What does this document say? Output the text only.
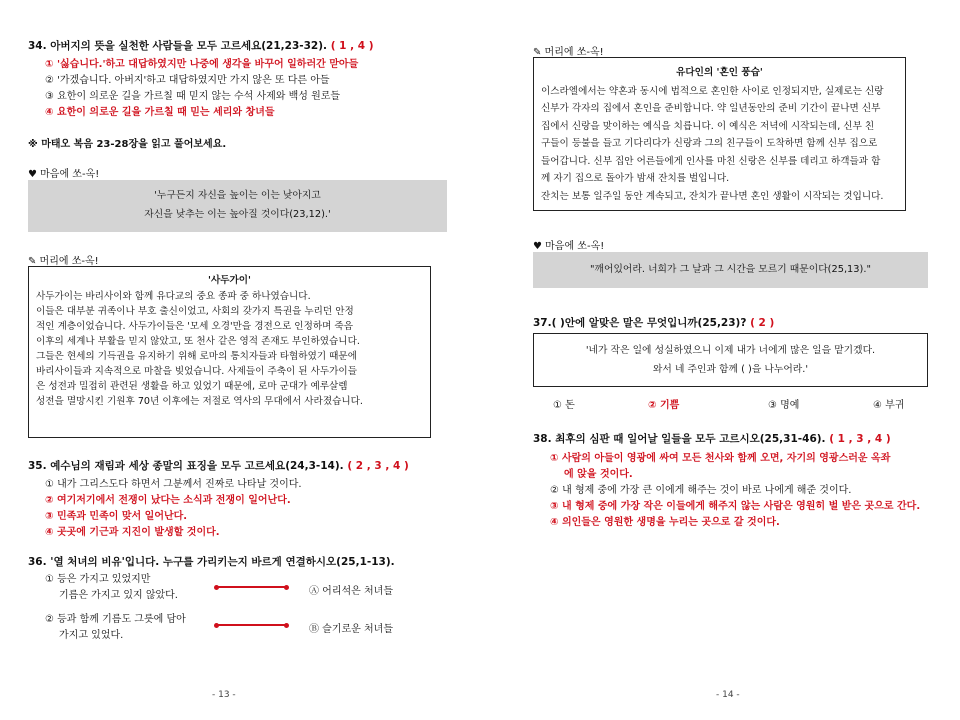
34. 아버지의 뜻을 실천한 사람들을 모두 고르세요(21,23-32). ( 1 , 4 )
① '싫습니다.'하고 대답하였지만 나중에 생각을 바꾸어 일하러간 맏아들
② '가겠습니다. 아버지'하고 대답하였지만 가지 않은 또 다른 아들
③ 요한이 의로운 길을 가르칠 때 믿지 않는 수석 사제와 백성 원로들
④ 요한이 의로운 길을 가르칠 때 믿는 세리와 창녀들
※ 마태오 복음 23-28장을 읽고 풀어보세요.
♥ 마음에 쏘-옥!
'누구든지 자신을 높이는 이는 낮아지고
자신을 낮추는 이는 높아질 것이다(23,12).'
✎ 머리에 쏘-옥!
'사두가이'

사두가이는 바리사이와 함께 유다교의 중요 종파 중 하나였습니다.

이들은 대부분 귀족이나 부호 출신이었고, 사회의 갖가지 특권을 누리던 안정

적인 계층이었습니다. 사두가이들은 '모세 오경'만을 경전으로 인정하며 죽음

이후의 세계나 부활을 믿지 않았고, 또 천사 같은 영적 존재도 부인하였습니다.

그들은 현세의 기득권을 유지하기 위해 로마의 통치자들과 타협하였기 때문에

바리사이들과 지속적으로 마찰을 빚었습니다. 사제들이 주축이 된 사두가이들

은 성전과 밀접히 관련된 생활을 하고 있었기 때문에, 로마 군대가 예루살렘

성전을 멸망시킨 기원후 70년 이후에는 저절로 역사의 무대에서 사라졌습니다.

35. 예수님의 재림과 세상 종말의 표징을 모두 고르세요(24,3-14). ( 2 , 3 , 4 )
① 내가 그리스도다 하면서 그분께서 진짜로 나타날 것이다.
② 여기저기에서 전쟁이 났다는 소식과 전쟁이 일어난다.
③ 민족과 민족이 맞서 일어난다.
④ 곳곳에 기근과 지진이 발생할 것이다.
36. '열 처녀의 비유'입니다. 누구를 가리키는지 바르게 연결하시오(25,1-13).
① 등은 가지고 있었지만
기름은 가지고 있지 않았다.
② 등과 함께 기름도 그릇에 담아
가지고 있었다.
Ⓐ 어리석은 처녀들
Ⓑ 슬기로운 처녀들
- 13 -
✎ 머리에 쏘-옥!
유다인의 '혼인 풍습'

이스라엘에서는 약혼과 동시에 법적으로 혼인한 사이로 인정되지만, 실제로는 신랑

신부가 각자의 집에서 혼인을 준비합니다. 약 일년동안의 준비 기간이 끝나면 신부

집에서 신랑을 맞이하는 예식을 치릅니다. 이 예식은 저녁에 시작되는데, 신부 친

구들이 등불을 들고 기다리다가 신랑과 그의 친구들이 도착하면 함께 신부 집으로

들어갑니다. 신부 집안 어른들에게 인사를 마친 신랑은 신부를 데리고 하객들과 함

께 자기 집으로 돌아가 밤새 잔치를 벌입니다.

잔치는 보통 일주일 동안 계속되고, 잔치가 끝나면 혼인 생활이 시작되는 것입니다.

♥ 마음에 쏘-옥!
"깨어있어라. 너희가 그 날과 그 시간을 모르기 때문이다(25,13)."
37.( )안에 알맞은 말은 무엇입니까(25,23)? ( 2 )
'네가 작은 일에 성실하였으니 이제 내가 너에게 많은 일을 맡기겠다.
와서 네 주인과 함께 ( )을 나누어라.'
① 돈	② 기쁨	③ 명예	④ 부귀
38. 최후의 심판 때 일어날 일들을 모두 고르시오(25,31-46). ( 1 , 3 , 4 )
① 사람의 아들이 영광에 싸여 모든 천사와 함께 오면, 자기의 영광스러운 옥좌
에 앉을 것이다.
② 내 형제 중에 가장 큰 이에게 해주는 것이 바로 나에게 해준 것이다.
③ 내 형제 중에 가장 작은 이들에게 해주지 않는 사람은 영원히 벌 받은 곳으로 간다.
④ 의인들은 영원한 생명을 누리는 곳으로 갈 것이다.
- 14 -
